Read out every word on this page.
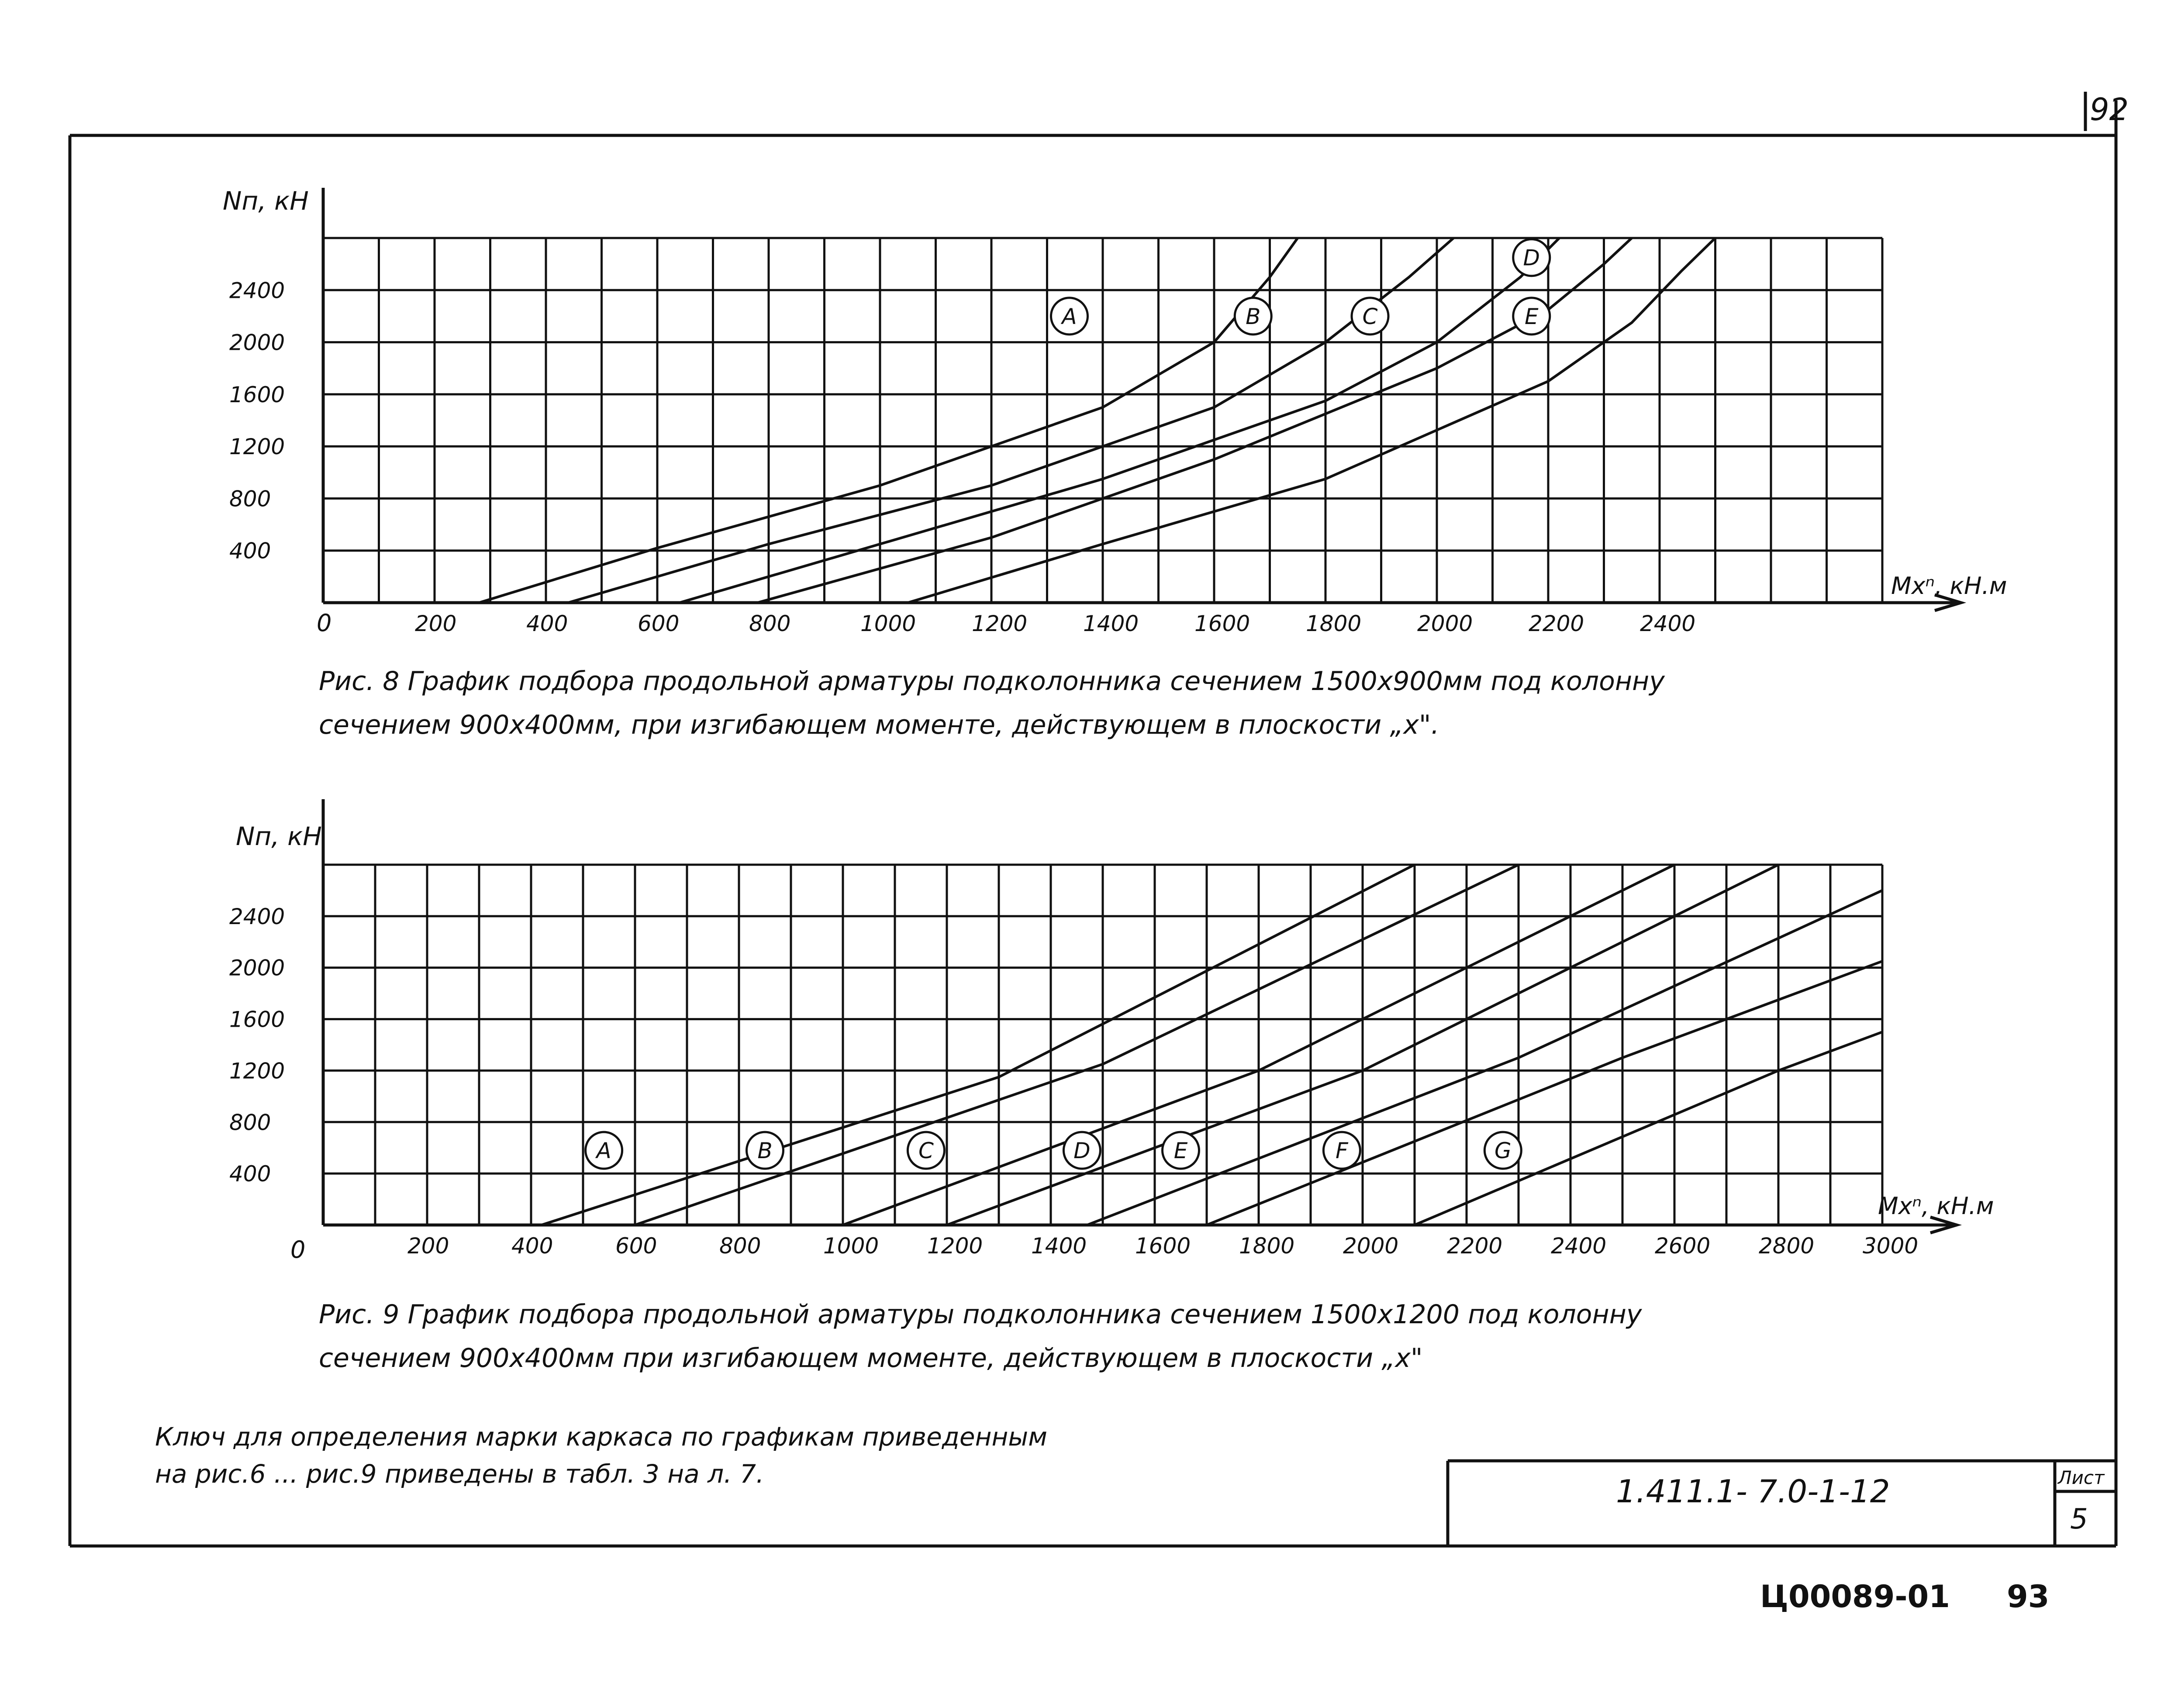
92
А	В	С
D
Е
Nп, кН
Mxⁿ, кН.м
0
Рис. 8 График подбора продольной арматуры подколонника сечением 1500х900мм под колонну
сечением 900х400мм, при изгибающем моменте, действующем в плоскости „х".
200	400	600	800	1000	1200	1400	1600	1800	2000	2200	2400
400
800
1200
1600
2000
2400
А	В	С	D	Е	F	G
Nп, кН
Mxⁿ, кН.м
0
Рис. 9 График подбора продольной арматуры подколонника сечением 1500х1200 под колонну
сечением 900х400мм при изгибающем моменте, действующем в плоскости „х"
200	400	600	800	1000 1200 1400 1600 1800 2000 2200 2400 2600 2800 3000
400
800
1200
1600
2000
2400
Ключ для определения марки каркаса по графикам приведенным
на рис.6 ... рис.9 приведены в табл. 3 на л. 7.	1.411.1- 7.0-1-12	Лист
5
Ц00089-01 93
